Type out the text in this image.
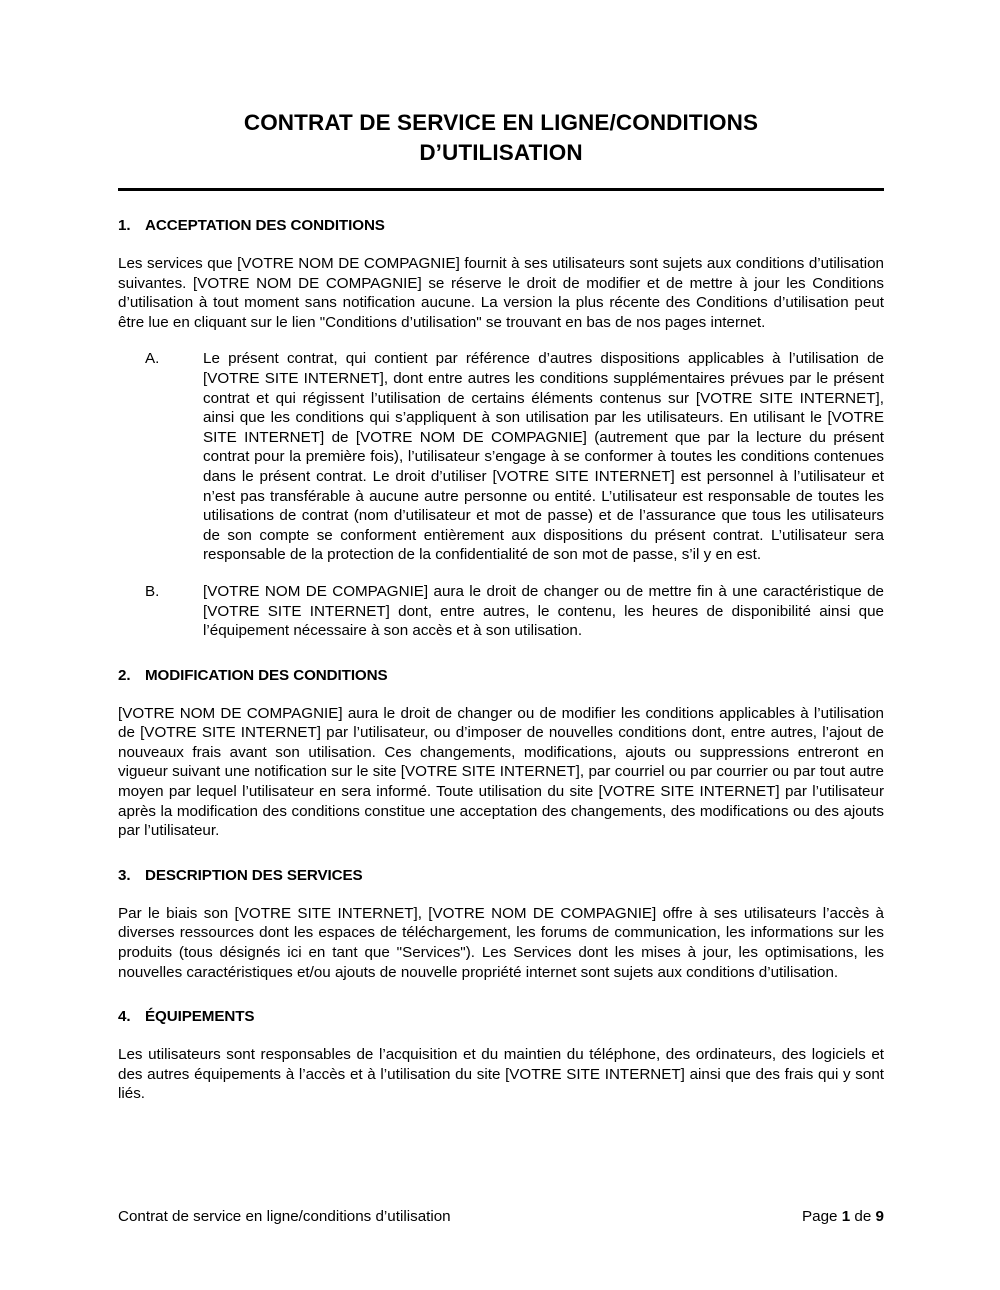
CONTRAT DE SERVICE EN LIGNE/CONDITIONS
D’UTILISATION
1. ACCEPTATION DES CONDITIONS

Les services que [VOTRE NOM DE COMPAGNIE] fournit à ses utilisateurs sont sujets aux conditions d’utilisation suivantes. [VOTRE NOM DE COMPAGNIE] se réserve le droit de modifier et de mettre à jour les Conditions d’utilisation à tout moment sans notification aucune. La version la plus récente des Conditions d’utilisation peut être lue en cliquant sur le lien "Conditions d’utilisation" se trouvant en bas de nos pages internet.

A.	Le présent contrat, qui contient par référence d’autres dispositions applicables à l’utilisation de [VOTRE SITE INTERNET], dont entre autres les conditions supplémentaires prévues par le présent contrat et qui régissent l’utilisation de certains éléments contenus sur [VOTRE SITE INTERNET], ainsi que les conditions qui s’appliquent à son utilisation par les utilisateurs. En utilisant le [VOTRE SITE INTERNET] de [VOTRE NOM DE COMPAGNIE] (autrement que par la lecture du présent contrat pour la première fois), l’utilisateur s’engage à se conformer à toutes les conditions contenues dans le présent contrat. Le droit d’utiliser [VOTRE SITE INTERNET] est personnel à l’utilisateur et n’est pas transférable à aucune autre personne ou entité. L’utilisateur est responsable de toutes les utilisations de contrat (nom d’utilisateur et mot de passe) et de l’assurance que tous les utilisateurs de son compte se conforment entièrement aux dispositions du présent contrat. L’utilisateur sera responsable de la protection de la confidentialité de son mot de passe, s’il y en est.
B.	[VOTRE NOM DE COMPAGNIE] aura le droit de changer ou de mettre fin à une caractéristique de [VOTRE SITE INTERNET] dont, entre autres, le contenu, les heures de disponibilité ainsi que l’équipement nécessaire à son accès et à son utilisation.
2. MODIFICATION DES CONDITIONS

[VOTRE NOM DE COMPAGNIE] aura le droit de changer ou de modifier les conditions applicables à l’utilisation de [VOTRE SITE INTERNET] par l’utilisateur, ou d’imposer de nouvelles conditions dont, entre autres, l’ajout de nouveaux frais avant son utilisation. Ces changements, modifications, ajouts ou suppressions entreront en vigueur suivant une notification sur le site [VOTRE SITE INTERNET], par courriel ou par courrier ou par tout autre moyen par lequel l’utilisateur en sera informé. Toute utilisation du site [VOTRE SITE INTERNET] par l’utilisateur après la modification des conditions constitue une acceptation des changements, des modifications ou des ajouts par l’utilisateur.

3. DESCRIPTION DES SERVICES

Par le biais son [VOTRE SITE INTERNET], [VOTRE NOM DE COMPAGNIE] offre à ses utilisateurs l’accès à diverses ressources dont les espaces de téléchargement, les forums de communication, les informations sur les produits (tous désignés ici en tant que "Services"). Les Services dont les mises à jour, les optimisations, les nouvelles caractéristiques et/ou ajouts de nouvelle propriété internet sont sujets aux conditions d’utilisation.

4. ÉQUIPEMENTS

Les utilisateurs sont responsables de l’acquisition et du maintien du téléphone, des ordinateurs, des logiciels et des autres équipements à l’accès et à l’utilisation du site [VOTRE SITE INTERNET] ainsi que des frais qui y sont liés.

Contrat de service en ligne/conditions d’utilisation	Page 1 de 9
